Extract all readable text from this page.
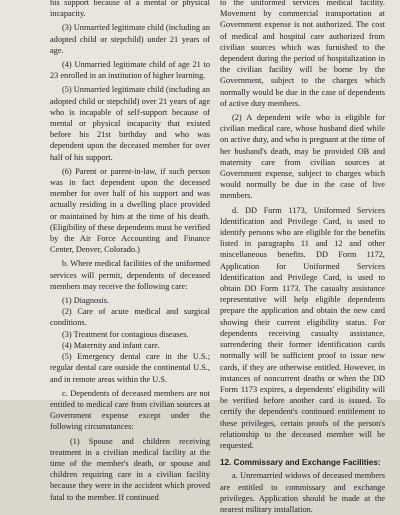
his support because of a mental or physical incapacity.

(3) Unmarried legitimate child (including an adopted child or stepchild) under 21 years of age.

(4) Unmarried legitimate child of age 21 to 23 enrolled in an institution of higher learning.

(5) Unmarried legitimate child (including an adopted child or stepchild) over 21 years of age who is incapable of self-support because of mental or physical incapacity that existed before his 21st birthday and who was dependent upon the deceased member for over half of his support.

(6) Parent or parent-in-law, if such person was in fact dependent upon the deceased member for over half of his support and was actually residing in a dwelling place provided or maintained by him at the time of his death. (Eligibility of these dependents must be verified by the Air Force Accounting and Finance Center, Denver, Colorado.)

b. Where medical facilities of the uniformed services will permit, dependents of deceased members may receive the following care:

(1) Diagnosis.

(2) Care of acute medical and surgical conditions.

(3) Treatment for contagious diseases.

(4) Maternity and infant care.

(5) Emergency dental care in the U.S.; regular dental care outside the continental U.S., and in remote areas within the U.S.

c. Dependents of deceased members are not entitled to medical care from civilian sources at Government expense except under the following circumstances:

(1) Spouse and children receiving treatment in a civilian medical facility at the time of the member's death, or spouse and children requiring care in a civilian facility because they were in the accident which proved fatal to the member. If continued

to the uniformed services medical facility. Movement by commercial transportation at Government expense is not authorized. The cost of medical and hospital care authorized from civilian sources which was furnished to the dependent during the period of hospitalization in the civilian facility will be borne by the Government, subject to the charges which normally would be due in the case of dependents of active duty members.

(2) A dependent wife who is eligible for civilian medical care, whose husband died while on active duty, and who is pregnant at the time of her husband's death, may be provided OB and maternity care from civilian sources at Government expense, subject to charges which would normally be due in the case of live members.

d. DD Form 1173, Uniformed Services Identification and Privilege Card, is used to identify persons who are eligible for the benefits listed in paragraphs 11 and 12 and other miscellaneous benefits. DD Form 1172, Application for Uniformed Services Identification and Privilege Card, is used to obtain DD Form 1173. The casualty assistance representative will help eligible dependents prepare the application and obtain the new card showing their current eligibility status. For dependents receiving casualty assistance, surrendering their former identification cards normally will be sufficient proof to issue new cards, if they are otherwise entitled. However, in instances of noncurrent deaths or when the DD Form 1173 expires, a dependents' eligibility will be verified before another card is issued. To certify the dependent's continued entitlement to these privileges, certain proofs of the person's relationship to the deceased member will be requested.

12. Commissary and Exchange Facilities:

a. Unremarried widows of deceased members are entitled to commissary and exchange privileges. Application should be made at the nearest military installation.
